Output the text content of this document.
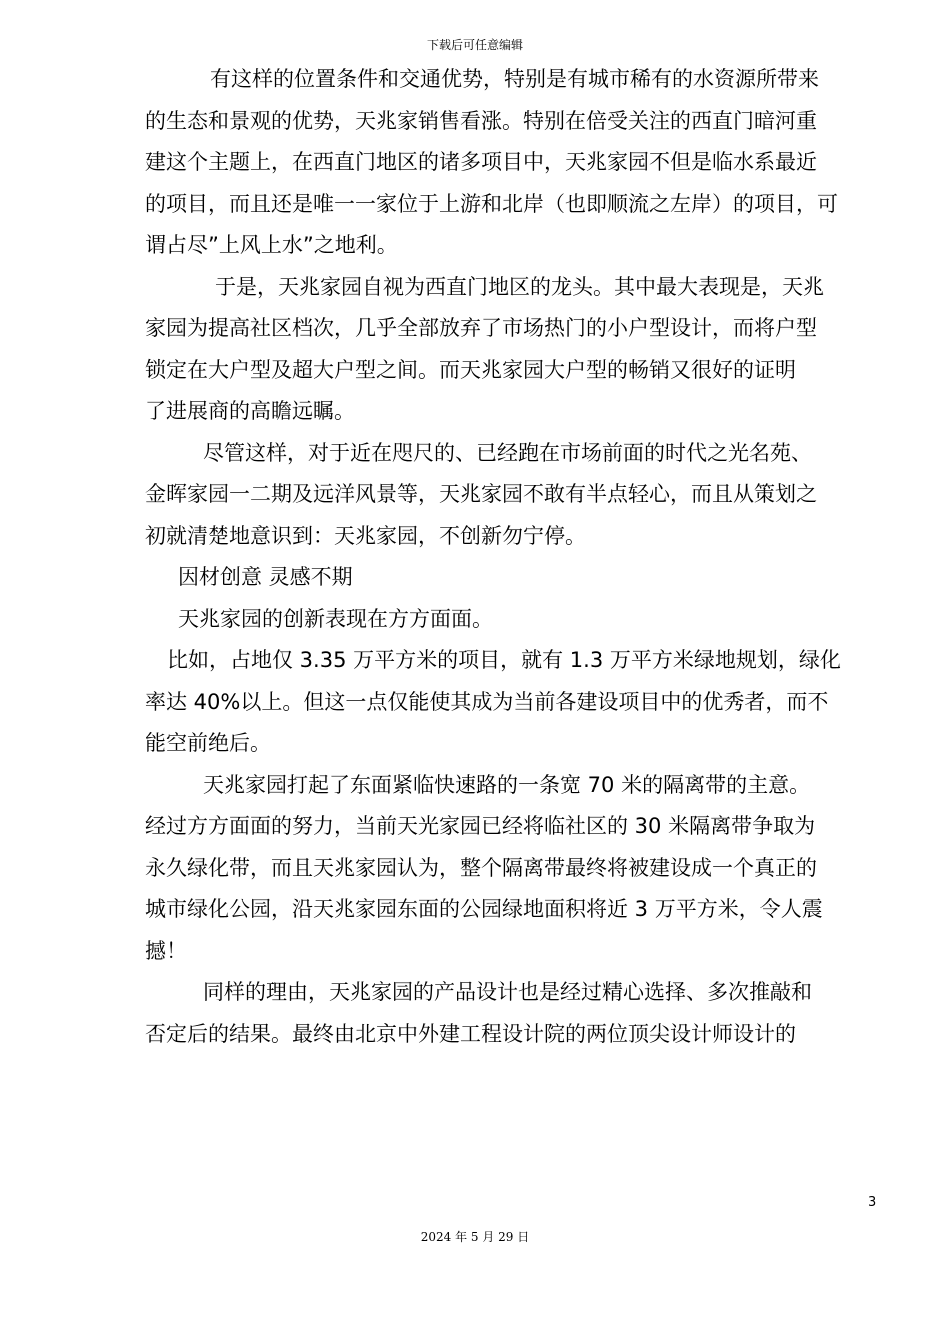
下载后可任意编辑

有这样的位置条件和交通优势，特别是有城市稀有的水资源所带来
的生态和景观的优势，天兆家销售看涨。特别在倍受关注的西直门暗河重
建这个主题上，在西直门地区的诸多项目中，天兆家园不但是临水系最近
的项目，而且还是唯一一家位于上游和北岸（也即顺流之左岸）的项目，可
谓占尽”上风上水”之地利。

于是，天兆家园自视为西直门地区的龙头。其中最大表现是，天兆
家园为提高社区档次，几乎全部放弃了市场热门的小户型设计，而将户型
锁定在大户型及超大户型之间。而天兆家园大户型的畅销又很好的证明
了进展商的高瞻远瞩。

尽管这样，对于近在咫尺的、已经跑在市场前面的时代之光名苑、
金晖家园一二期及远洋风景等，天兆家园不敢有半点轻心，而且从策划之
初就清楚地意识到：天兆家园，不创新勿宁停。

因材创意 灵感不期

天兆家园的创新表现在方方面面。

比如，占地仅 3.35 万平方米的项目，就有 1.3 万平方米绿地规划，绿化
率达 40%以上。但这一点仅能使其成为当前各建设项目中的优秀者，而不
能空前绝后。

天兆家园打起了东面紧临快速路的一条宽 70 米的隔离带的主意。
经过方方面面的努力，当前天光家园已经将临社区的 30 米隔离带争取为
永久绿化带，而且天兆家园认为，整个隔离带最终将被建设成一个真正的
城市绿化公园，沿天兆家园东面的公园绿地面积将近 3 万平方米，令人震
撼！

同样的理由，天兆家园的产品设计也是经过精心选择、多次推敲和
否定后的结果。最终由北京中外建工程设计院的两位顶尖设计师设计的

3
2024 年 5 月 29 日
